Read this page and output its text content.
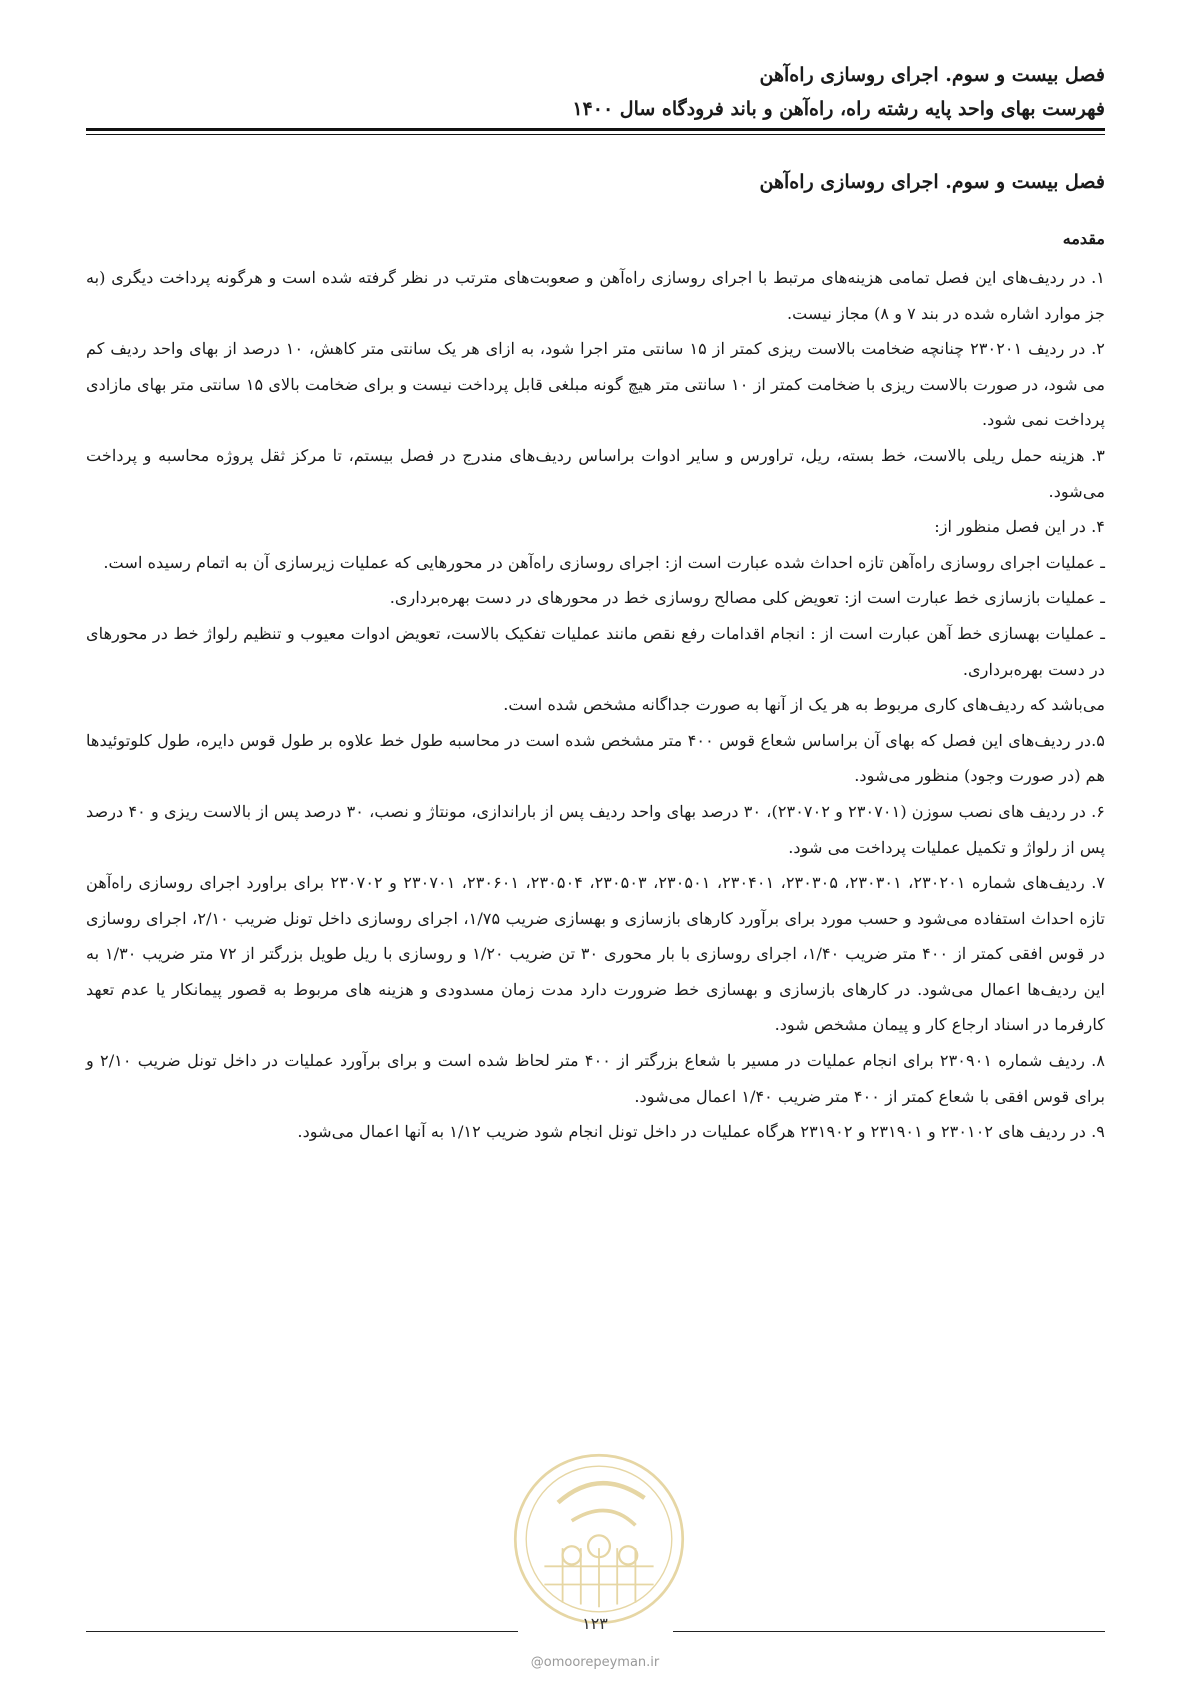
فصل بیست و سوم. اجرای روسازی راه‌آهن
فهرست بهای واحد پایه رشته راه، راه‌آهن و باند فرودگاه سال ۱۴۰۰
فصل بیست و سوم. اجرای روسازی راه‌آهن
مقدمه

۱. در ردیف‌های این فصل تمامی هزینه‌های مرتبط با اجرای روسازی راه‌آهن و صعوبت‌های مترتب در نظر گرفته شده است و هرگونه پرداخت دیگری (به جز موارد اشاره شده در بند ۷ و ۸) مجاز نیست.

۲. در ردیف ۲۳۰۲۰۱ چنانچه ضخامت بالاست ریزی کمتر از ۱۵ سانتی متر اجرا شود، به ازای هر یک سانتی متر کاهش، ۱۰ درصد از بهای واحد ردیف کم می شود، در صورت بالاست ریزی با ضخامت کمتر از ۱۰ سانتی متر هیچ گونه مبلغی قابل پرداخت نیست و برای ضخامت بالای ۱۵ سانتی متر بهای مازادی پرداخت نمی شود.

۳. هزینه حمل ریلی بالاست، خط بسته، ریل، تراورس و سایر ادوات براساس ردیف‌های مندرج در فصل بیستم، تا مرکز ثقل پروژه محاسبه و پرداخت می‌شود.

۴. در این فصل منظور از:

ـ عملیات اجرای روسازی راه‌آهن تازه احداث شده عبارت است از: اجرای روسازی راه‌آهن در محورهایی که عملیات زیرسازی آن به اتمام رسیده است.

ـ عملیات بازسازی خط عبارت است از: تعویض کلی مصالح روسازی خط در محورهای در دست بهره‌برداری.

ـ عملیات بهسازی خط آهن عبارت است از : انجام اقدامات رفع نقص مانند عملیات تفکیک بالاست، تعویض ادوات معیوب و تنظیم رلواژ خط در محورهای در دست بهره‌برداری.

می‌باشد که ردیف‌های کاری مربوط به هر یک از آنها به صورت جداگانه مشخص شده است.

۵.در ردیف‌های این فصل که بهای آن براساس شعاع قوس ۴۰۰ متر مشخص شده است در محاسبه طول خط علاوه بر طول قوس دایره، طول کلوتوئیدها هم (در صورت وجود) منظور می‌شود.

۶. در ردیف های نصب سوزن (۲۳۰۷۰۱ و ۲۳۰۷۰۲)، ۳۰ درصد بهای واحد ردیف پس از باراندازی، مونتاژ و نصب، ۳۰ درصد پس از بالاست ریزی و ۴۰ درصد پس از رلواژ و تکمیل عملیات پرداخت می شود.

۷. ردیف‌های شماره ۲۳۰۲۰۱، ۲۳۰۳۰۱، ۲۳۰۳۰۵، ۲۳۰۴۰۱، ۲۳۰۵۰۱، ۲۳۰۵۰۳، ۲۳۰۵۰۴، ۲۳۰۶۰۱، ۲۳۰۷۰۱ و ۲۳۰۷۰۲ برای براورد اجرای روسازی راه‌آهن تازه احداث استفاده می‌شود و حسب مورد برای برآورد کارهای بازسازی و بهسازی ضریب ۱/۷۵، اجرای روسازی داخل تونل ضریب ۲/۱۰، اجرای روسازی در قوس افقی کمتر از ۴۰۰ متر ضریب ۱/۴۰، اجرای روسازی با بار محوری ۳۰ تن ضریب ۱/۲۰ و روسازی با ریل طویل بزرگتر از ۷۲ متر ضریب ۱/۳۰ به این ردیف‌ها اعمال می‌شود. در کارهای بازسازی و بهسازی خط ضرورت دارد مدت زمان مسدودی و هزینه های مربوط به قصور پیمانکار یا عدم تعهد کارفرما در اسناد ارجاع کار و پیمان مشخص شود.

۸. ردیف شماره ۲۳۰۹۰۱ برای انجام عملیات در مسیر با شعاع بزرگتر از ۴۰۰ متر لحاظ شده است و برای برآورد عملیات در داخل تونل ضریب ۲/۱۰ و برای قوس افقی با شعاع کمتر از ۴۰۰ متر ضریب ۱/۴۰ اعمال می‌شود.

۹. در ردیف های ۲۳۰۱۰۲ و ۲۳۱۹۰۱ و ۲۳۱۹۰۲ هرگاه عملیات در داخل تونل انجام شود ضریب ۱/۱۲ به آنها اعمال می‌شود.

۱۲۳
@omoorepeyman.ir
